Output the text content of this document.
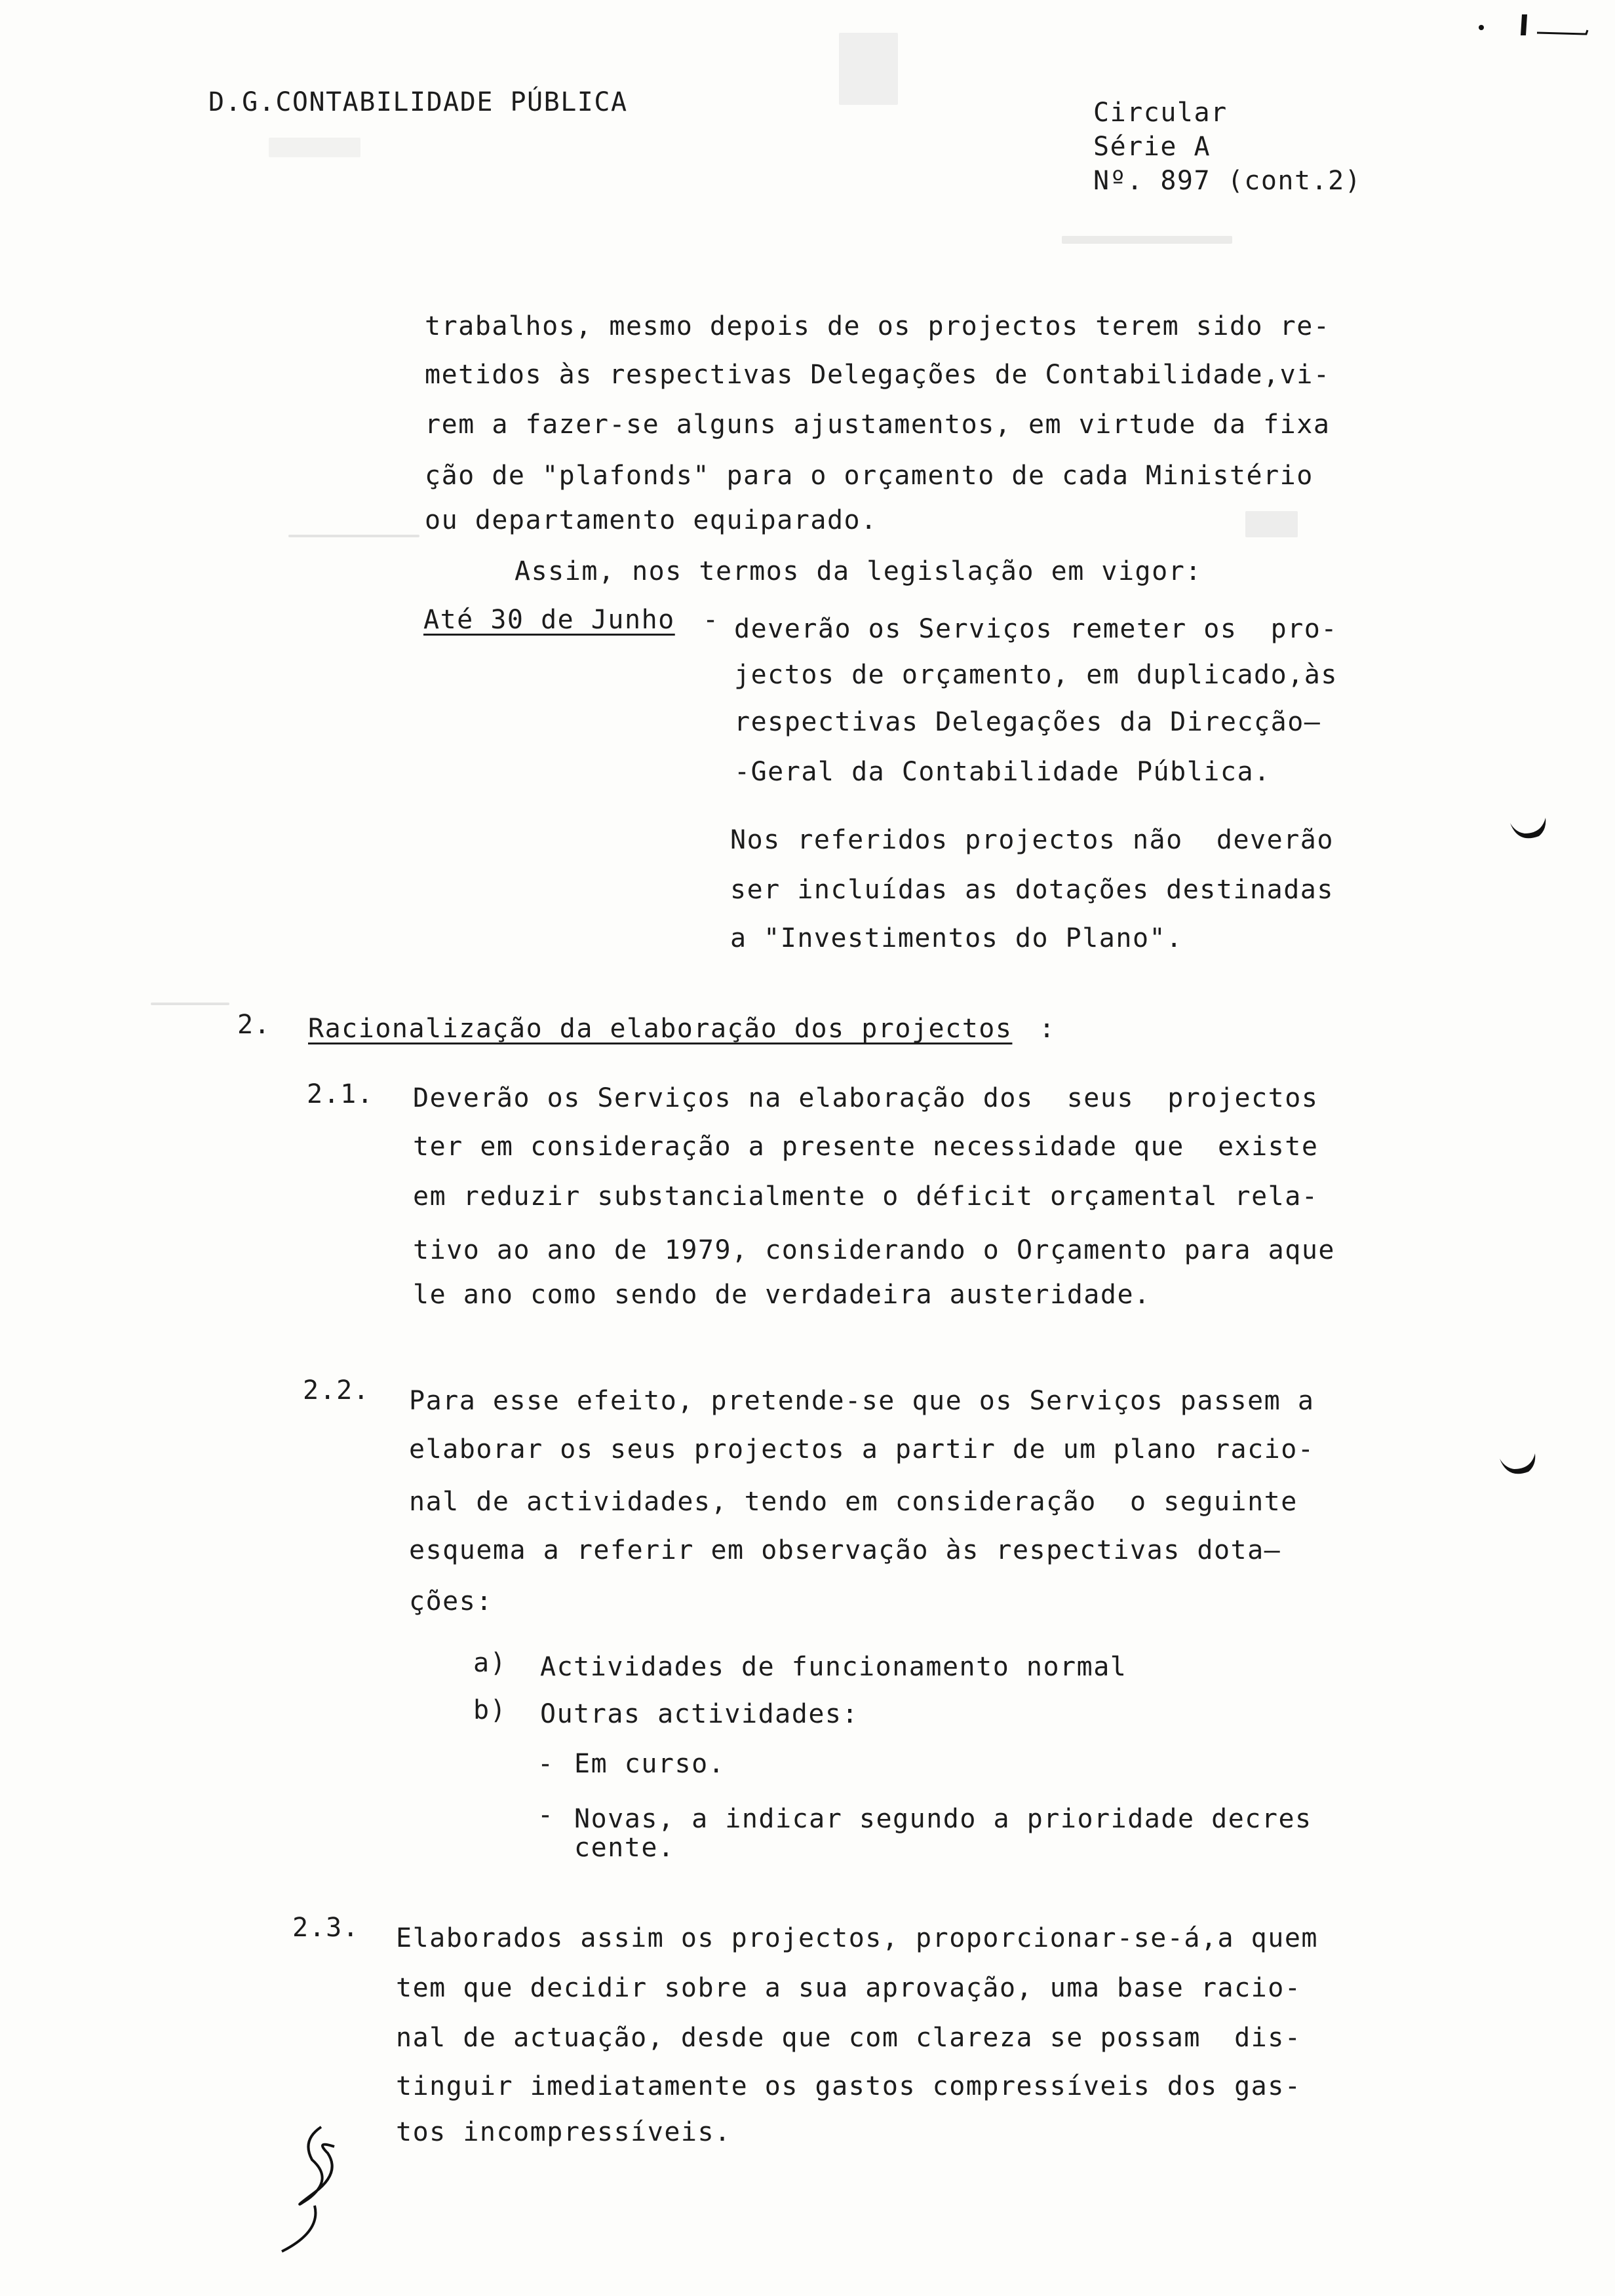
D.G.CONTABILIDADE PÚBLICA	Circular
Série A
Nº. 897 (cont.2)
trabalhos, mesmo depois de os projectos terem sido re-
metidos às respectivas Delegações de Contabilidade,vi-
rem a fazer-se alguns ajustamentos, em virtude da fixa
ção de "plafonds" para o orçamento de cada Ministério
ou departamento equiparado.
Assim, nos termos da legislação em vigor:
Até 30 de Junho - deverão os Serviços remeter os  pro-
jectos de orçamento, em duplicado,às
respectivas Delegações da Direcção—
-Geral da Contabilidade Pública.
Nos referidos projectos não  deverão
ser incluídas as dotações destinadas
a "Investimentos do Plano".
2. Racionalização da elaboração dos projectos :
2.1. Deverão os Serviços na elaboração dos  seus  projectos
ter em consideração a presente necessidade que  existe
em reduzir substancialmente o déficit orçamental rela-
tivo ao ano de 1979, considerando o Orçamento para aque
le ano como sendo de verdadeira austeridade.
2.2. Para esse efeito, pretende-se que os Serviços passem a
elaborar os seus projectos a partir de um plano racio-
nal de actividades, tendo em consideração  o seguinte
esquema a referir em observação às respectivas dota—
ções:
a) Actividades de funcionamento normal
b) Outras actividades:
- Em curso.
- Novas, a indicar segundo a prioridade decres
cente.
2.3. Elaborados assim os projectos, proporcionar-se-á,a quem
tem que decidir sobre a sua aprovação, uma base racio-
nal de actuação, desde que com clareza se possam  dis-
tinguir imediatamente os gastos compressíveis dos gas-
tos incompressíveis.
